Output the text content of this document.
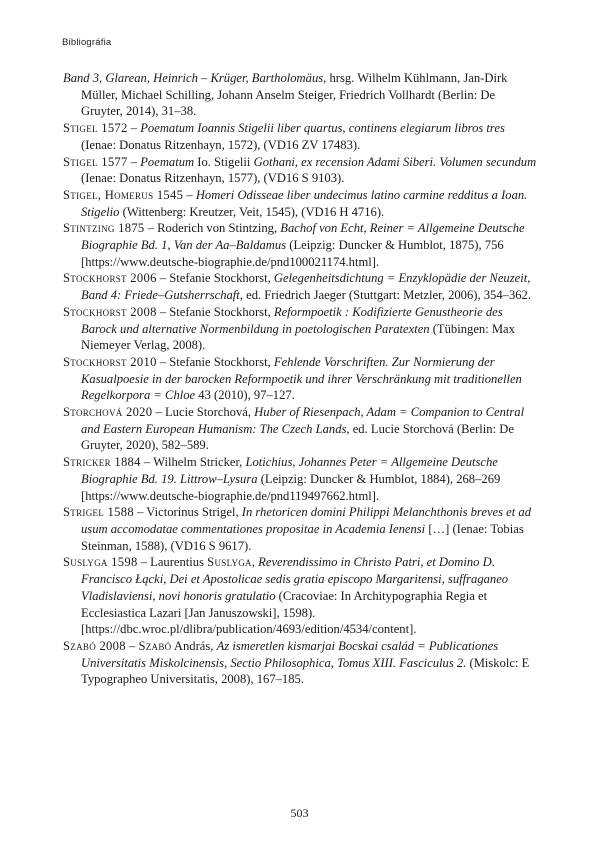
Bibliográfia

Band 3, Glarean, Heinrich – Krüger, Bartholomäus, hrsg. Wilhelm Kühlmann, Jan-Dirk Müller, Michael Schilling, Johann Anselm Steiger, Friedrich Vollhardt (Berlin: De Gruyter, 2014), 31–38.

Stigel 1572 – Poematum Ioannis Stigelii liber quartus, continens elegiarum libros tres (Ienae: Donatus Ritzenhayn, 1572), (VD16 ZV 17483).

Stigel 1577 – Poematum Io. Stigelii Gothani, ex recension Adami Siberi. Volumen secundum (Ienae: Donatus Ritzenhayn, 1577), (VD16 S 9103).

Stigel, Homerus 1545 – Homeri Odisseae liber undecimus latino carmine redditus a Ioan. Stigelio (Wittenberg: Kreutzer, Veit, 1545), (VD16 H 4716).

Stintzing 1875 – Roderich von Stintzing, Bachof von Echt, Reiner = Allgemeine Deutsche Biographie Bd. 1, Van der Aa–Baldamus (Leipzig: Duncker & Humblot, 1875), 756 [https://www.deutsche-biographie.de/pnd100021174.html].

Stockhorst 2006 – Stefanie Stockhorst, Gelegenheitsdichtung = Enzyklopädie der Neuzeit, Band 4: Friede–Gutsherrschaft, ed. Friedrich Jaeger (Stuttgart: Metzler, 2006), 354–362.

Stockhorst 2008 – Stefanie Stockhorst, Reformpoetik : Kodifizierte Genustheorie des Barock und alternative Normenbildung in poetologischen Paratexten (Tübingen: Max Niemeyer Verlag, 2008).

Stockhorst 2010 – Stefanie Stockhorst, Fehlende Vorschriften. Zur Normierung der Kasualpoesie in der barocken Reformpoetik und ihrer Verschränkung mit traditionellen Regelkorpora = Chloe 43 (2010), 97–127.

Storchová 2020 – Lucie Storchová, Huber of Riesenpach, Adam = Companion to Central and Eastern European Humanism: The Czech Lands, ed. Lucie Storchová (Berlin: De Gruyter, 2020), 582–589.

Stricker 1884 – Wilhelm Stricker, Lotichius, Johannes Peter = Allgemeine Deutsche Biographie Bd. 19. Littrow–Lysura (Leipzig: Duncker & Humblot, 1884), 268–269 [https://www.deutsche-biographie.de/pnd119497662.html].

Strigel 1588 – Victorinus Strigel, In rhetoricen domini Philippi Melanchthonis breves et ad usum accomodatae commentationes propositae in Academia Ienensi […] (Ienae: Tobias Steinman, 1588), (VD16 S 9617).

Suslyga 1598 – Laurentius Suslyga, Reverendissimo in Christo Patri, et Domino D. Francisco Łącki, Dei et Apostolicae sedis gratia episcopo Margaritensi, suffraganeo Vladislaviensi, novi honoris gratulatio (Cracoviae: In Architypographia Regia et Ecclesiastica Lazari [Jan Januszowski], 1598). [https://dbc.wroc.pl/dlibra/publication/4693/edition/4534/content].

Szabó 2008 – Szabó András, Az ismeretlen kismarjai Bocskai család = Publicationes Universitatis Miskolcinensis, Sectio Philosophica, Tomus XIII. Fasciculus 2. (Miskolc: E Typographeo Universitatis, 2008), 167–185.

503
